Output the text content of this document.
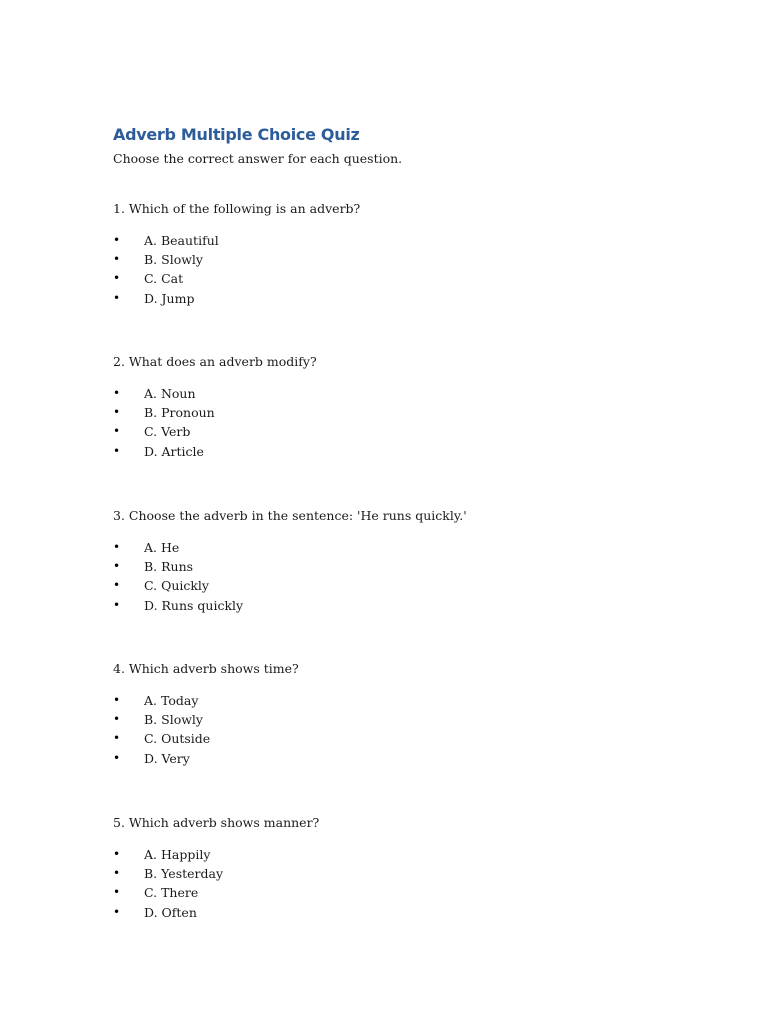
Adverb Multiple Choice Quiz

Choose the correct answer for each question.

1. Which of the following is an adverb?

• A. Beautiful
• B. Slowly
• C. Cat
• D. Jump

2. What does an adverb modify?

• A. Noun
• B. Pronoun
• C. Verb
• D. Article

3. Choose the adverb in the sentence: 'He runs quickly.'

• A. He
• B. Runs
• C. Quickly
• D. Runs quickly

4. Which adverb shows time?

• A. Today
• B. Slowly
• C. Outside
• D. Very

5. Which adverb shows manner?

• A. Happily
• B. Yesterday
• C. There
• D. Often
